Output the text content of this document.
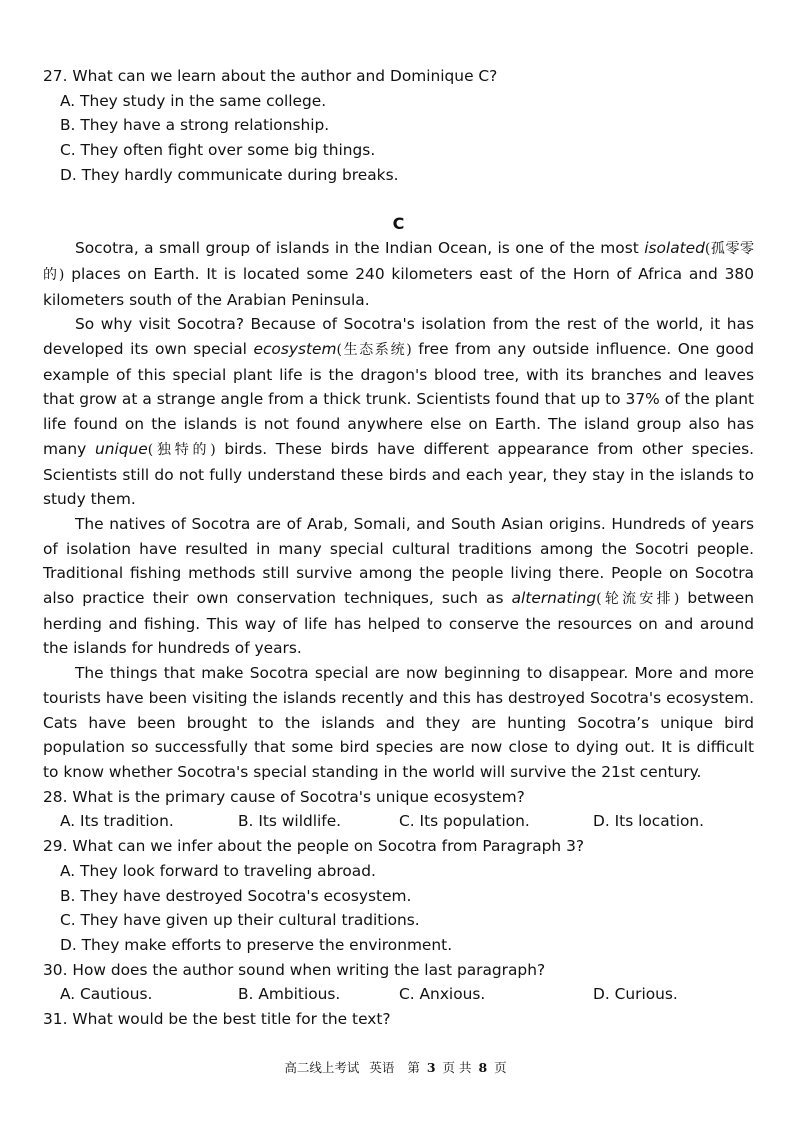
27. What can we learn about the author and Dominique C?
A. They study in the same college.
B. They have a strong relationship.
C. They often fight over some big things.
D. They hardly communicate during breaks.
C

Socotra, a small group of islands in the Indian Ocean, is one of the most isolated(孤零零的) places on Earth. It is located some 240 kilometers east of the Horn of Africa and 380 kilometers south of the Arabian Peninsula.

So why visit Socotra? Because of Socotra's isolation from the rest of the world, it has developed its own special ecosystem(生态系统) free from any outside influence. One good example of this special plant life is the dragon's blood tree, with its branches and leaves that grow at a strange angle from a thick trunk. Scientists found that up to 37% of the plant life found on the islands is not found anywhere else on Earth. The island group also has many unique(独特的) birds. These birds have different appearance from other species. Scientists still do not fully understand these birds and each year, they stay in the islands to study them.

The natives of Socotra are of Arab, Somali, and South Asian origins. Hundreds of years of isolation have resulted in many special cultural traditions among the Socotri people. Traditional fishing methods still survive among the people living there. People on Socotra also practice their own conservation techniques, such as alternating(轮流安排) between herding and fishing. This way of life has helped to conserve the resources on and around the islands for hundreds of years.

The things that make Socotra special are now beginning to disappear. More and more tourists have been visiting the islands recently and this has destroyed Socotra's ecosystem. Cats have been brought to the islands and they are hunting Socotra’s unique bird population so successfully that some bird species are now close to dying out. It is difficult to know whether Socotra's special standing in the world will survive the 21st century.

28. What is the primary cause of Socotra's unique ecosystem?
A. Its tradition.	B. Its wildlife.	C. Its population.	D. Its location.
29. What can we infer about the people on Socotra from Paragraph 3?
A. They look forward to traveling abroad.
B. They have destroyed Socotra's ecosystem.
C. They have given up their cultural traditions.
D. They make efforts to preserve the environment.
30. How does the author sound when writing the last paragraph?
A. Cautious.	B. Ambitious.	C. Anxious.	D. Curious.
31. What would be the best title for the text?
高二线上考试 英语 第 3 页 共 8 页
